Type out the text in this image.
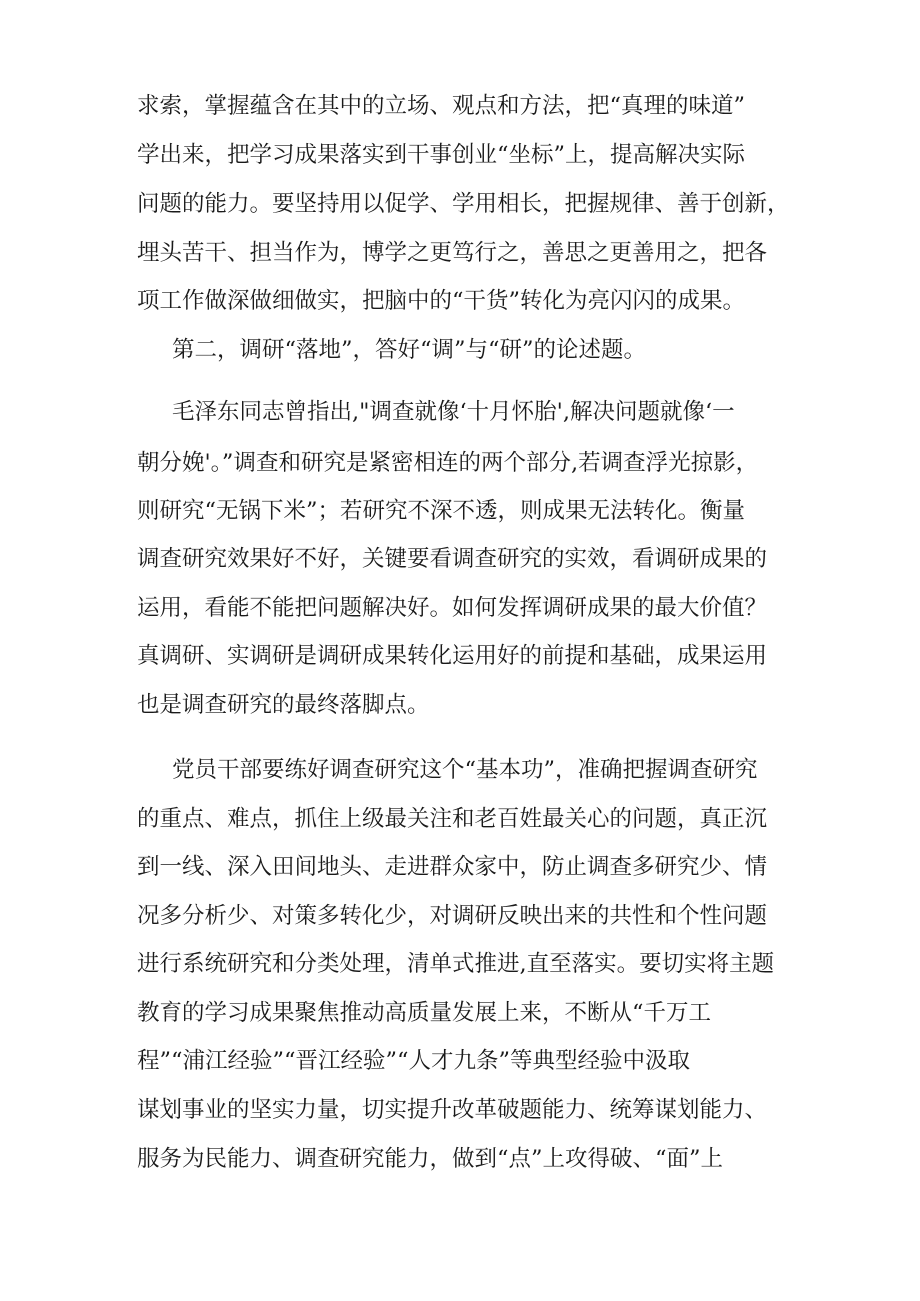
求索，掌握蕴含在其中的立场、观点和方法，把“真理的味道”
学出来，把学习成果落实到干事创业“坐标”上，提高解决实际
问题的能力。要坚持用以促学、学用相长，把握规律、善于创新，
埋头苦干、担当作为，博学之更笃行之，善思之更善用之，把各
项工作做深做细做实，把脑中的“干货”转化为亮闪闪的成果。
第二，调研“落地”，答好“调”与“研”的论述题。
毛泽东同志曾指出,"调查就像‘十月怀胎',解决问题就像‘一
朝分娩'。”调查和研究是紧密相连的两个部分,若调查浮光掠影，
则研究“无锅下米”；若研究不深不透，则成果无法转化。衡量
调查研究效果好不好，关键要看调查研究的实效，看调研成果的
运用，看能不能把问题解决好。如何发挥调研成果的最大价值？
真调研、实调研是调研成果转化运用好的前提和基础，成果运用
也是调查研究的最终落脚点。
党员干部要练好调查研究这个“基本功”，准确把握调查研究
的重点、难点，抓住上级最关注和老百姓最关心的问题，真正沉
到一线、深入田间地头、走进群众家中，防止调查多研究少、情
况多分析少、对策多转化少，对调研反映出来的共性和个性问题
进行系统研究和分类处理，清单式推进,直至落实。要切实将主题
教育的学习成果聚焦推动高质量发展上来，不断从“千万工
程”“浦江经验”“晋江经验”“人才九条”等典型经验中汲取
谋划事业的坚实力量，切实提升改革破题能力、统筹谋划能力、
服务为民能力、调查研究能力，做到“点”上攻得破、“面”上
